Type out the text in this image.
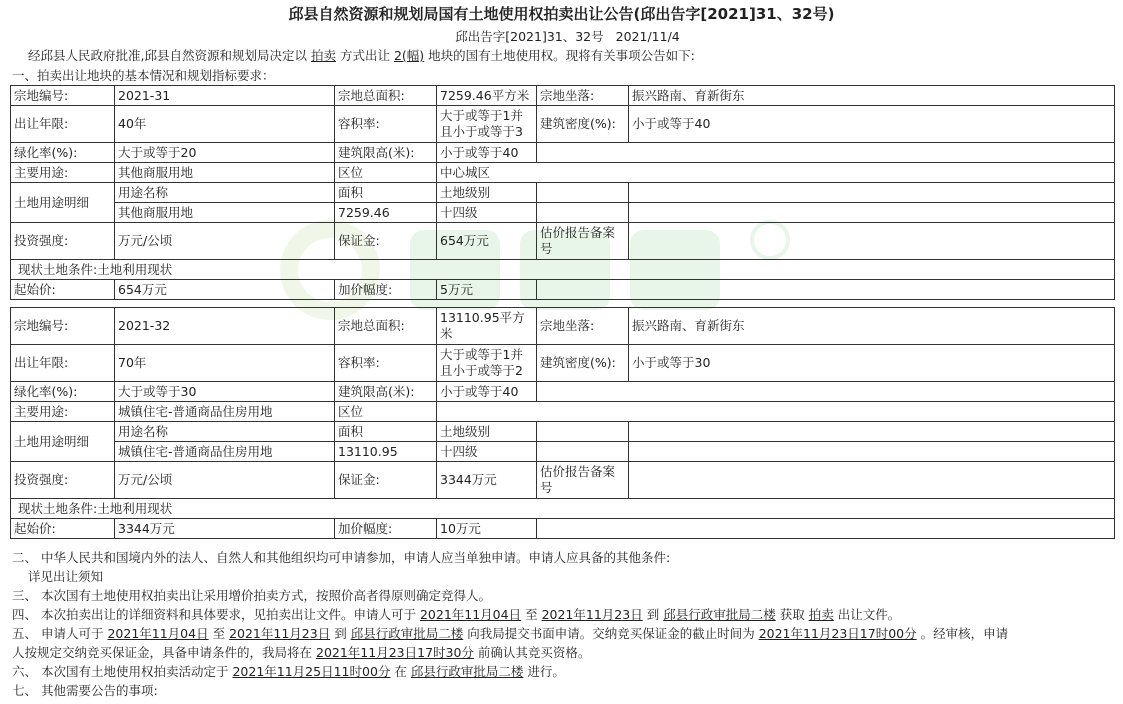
邱县自然资源和规划局国有土地使用权拍卖出让公告(邱出告字[2021]31、32号)
邱出告字[2021]31、32号 2021/11/4
经邱县人民政府批准,邱县自然资源和规划局决定以 拍卖 方式出让 2(幅) 地块的国有土地使用权。现将有关事项公告如下:
一、拍卖出让地块的基本情况和规划指标要求：
宗地编号:	2021-31	宗地总面积:	7259.46平方米	宗地坐落:	振兴路南、育新街东
出让年限:	40年	容积率:	大于或等于1并且小于或等于3	建筑密度(%):	小于或等于40
绿化率(%):	大于或等于20	建筑限高(米):	小于或等于40		
主要用途:	其他商服用地	区位	中心城区		
土地用途明细	用途名称	面积	土地级别		
	其他商服用地	7259.46	十四级		
投资强度:	万元/公顷	保证金:	654万元	估价报告备案号	
现状土地条件:土地利用现状					
起始价:	654万元	加价幅度:	5万元		
宗地编号:	2021-32	宗地总面积:	13110.95平方米	宗地坐落:	振兴路南、育新街东
出让年限:	70年	容积率:	大于或等于1并且小于或等于2	建筑密度(%):	小于或等于30
绿化率(%):	大于或等于30	建筑限高(米):	小于或等于40		
主要用途:	城镇住宅-普通商品住房用地	区位			
土地用途明细	用途名称	面积	土地级别		
	城镇住宅-普通商品住房用地	13110.95	十四级		
投资强度:	万元/公顷	保证金:	3344万元	估价报告备案号	
现状土地条件:土地利用现状					
起始价:	3344万元	加价幅度:	10万元		
二、 中华人民共和国境内外的法人、自然人和其他组织均可申请参加，申请人应当单独申请。申请人应具备的其他条件:
详见出让须知
三、 本次国有土地使用权拍卖出让采用增价拍卖方式，按照价高者得原则确定竞得人。
四、 本次拍卖出让的详细资料和具体要求，见拍卖出让文件。申请人可于 2021年11月04日 至 2021年11月23日 到 邱县行政审批局二楼 获取 拍卖 出让文件。
五、 申请人可于 2021年11月04日 至 2021年11月23日 到 邱县行政审批局二楼 向我局提交书面申请。交纳竞买保证金的截止时间为 2021年11月23日17时00分 。经审核，申请
人按规定交纳竞买保证金，具备申请条件的，我局将在 2021年11月23日17时30分 前确认其竞买资格。
六、 本次国有土地使用权拍卖活动定于 2021年11月25日11时00分 在 邱县行政审批局二楼 进行。
七、 其他需要公告的事项:
